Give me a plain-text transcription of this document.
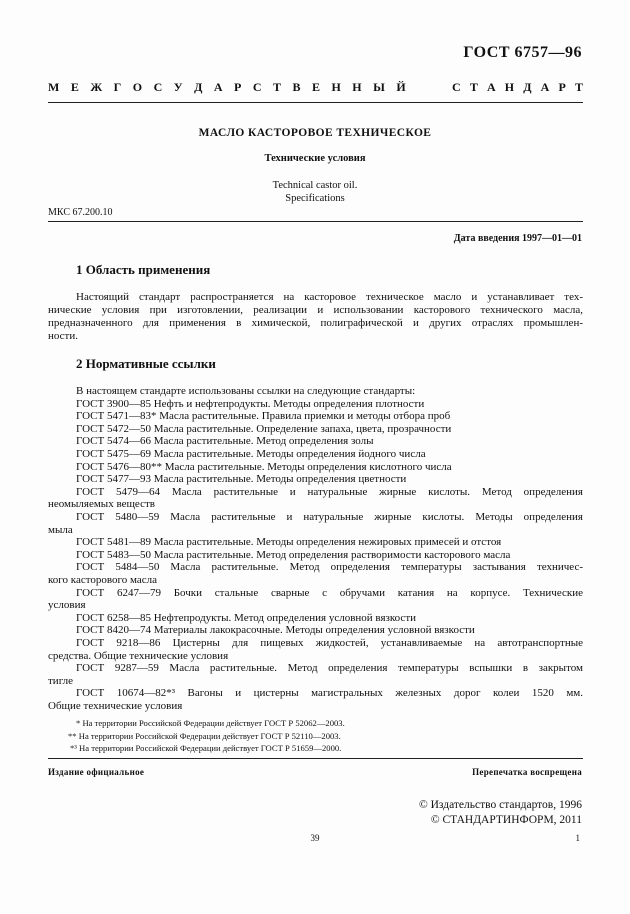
ГОСТ 6757—96
М Е Ж Г О С У Д А Р С Т В Е Н Н Ы Й	С Т А Н Д А Р Т
МАСЛО КАСТОРОВОЕ ТЕХНИЧЕСКОЕ
Технические условия
Technical castor oil.
Specifications
МКС 67.200.10
Дата введения 1997—01—01
1 Область применения
Настоящий стандарт распространяется на касторовое техническое масло и устанавливает тех-
нические условия при изготовлении, реализации и использовании касторового технического масла,
предназначенного для применения в химической, полиграфической и других отраслях промышлен-
ности.
2 Нормативные ссылки
В настоящем стандарте использованы ссылки на следующие стандарты:
ГОСТ 3900—85 Нефть и нефтепродукты. Методы определения плотности
ГОСТ 5471—83* Масла растительные. Правила приемки и методы отбора проб
ГОСТ 5472—50 Масла растительные. Определение запаха, цвета, прозрачности
ГОСТ 5474—66 Масла растительные. Метод определения золы
ГОСТ 5475—69 Масла растительные. Методы определения йодного числа
ГОСТ 5476—80** Масла растительные. Методы определения кислотного числа
ГОСТ 5477—93 Масла растительные. Методы определения цветности
ГОСТ 5479—64 Масла растительные и натуральные жирные кислоты. Метод определения
неомыляемых веществ
ГОСТ 5480—59 Масла растительные и натуральные жирные кислоты. Методы определения
мыла
ГОСТ 5481—89 Масла растительные. Методы определения нежировых примесей и отстоя
ГОСТ 5483—50 Масла растительные. Метод определения растворимости касторового масла
ГОСТ 5484—50 Масла растительные. Метод определения температуры застывания техничес-
кого касторового масла
ГОСТ 6247—79 Бочки стальные сварные с обручами катания на корпусе. Технические
условия
ГОСТ 6258—85 Нефтепродукты. Метод определения условной вязкости
ГОСТ 8420—74 Материалы лакокрасочные. Методы определения условной вязкости
ГОСТ 9218—86 Цистерны для пищевых жидкостей, устанавливаемые на автотранспортные
средства. Общие технические условия
ГОСТ 9287—59 Масла растительные. Метод определения температуры вспышки в закрытом
тигле
ГОСТ 10674—82*³ Вагоны и цистерны магистральных железных дорог колеи 1520 мм.
Общие технические условия
* На территории Российской Федерации действует ГОСТ Р 52062—2003.
** На территории Российской Федерации действует ГОСТ Р 52110—2003.
*³ На территории Российской Федерации действует ГОСТ Р 51659—2000.
Издание официальное	Перепечатка воспрещена
© Издательство стандартов, 1996
© СТАНДАРТИНФОРМ, 2011
39	1
